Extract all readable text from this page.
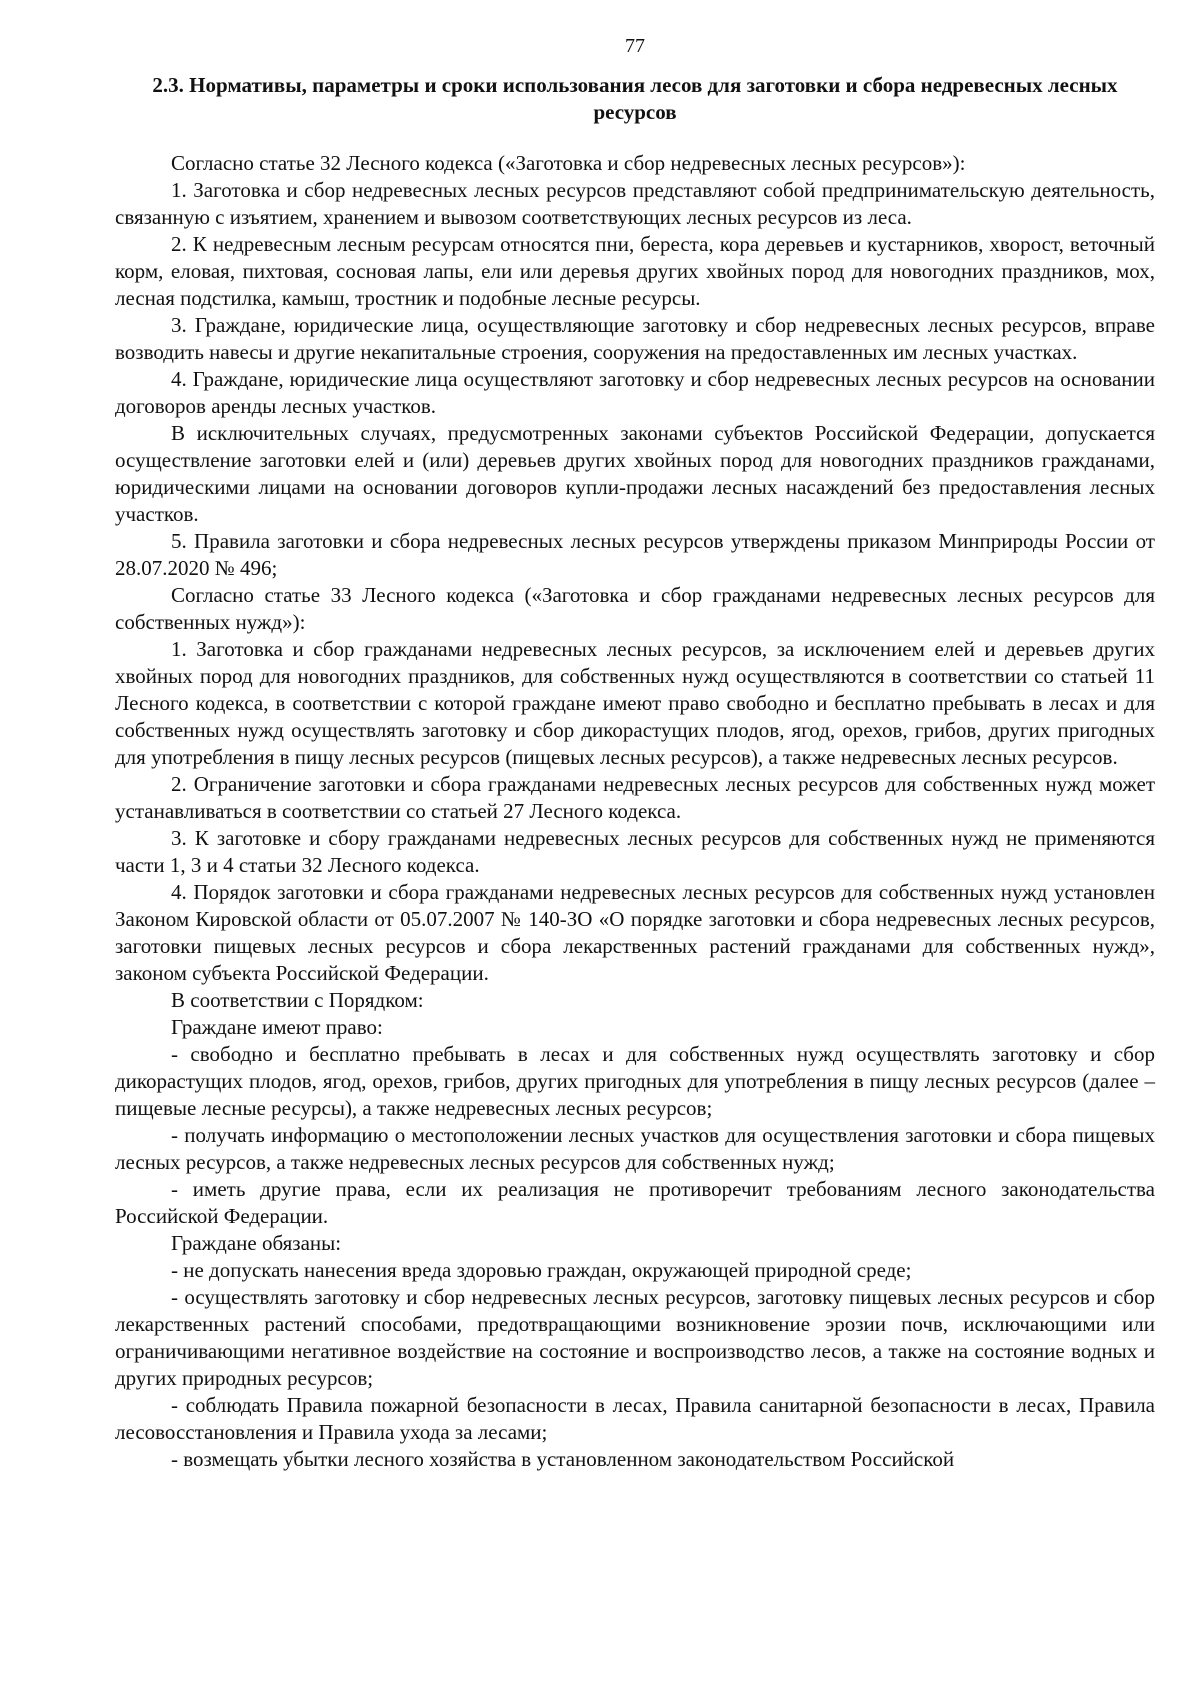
77
2.3. Нормативы, параметры и сроки использования лесов для заготовки и сбора недревесных лесных ресурсов

Согласно статье 32 Лесного кодекса («Заготовка и сбор недревесных лесных ресурсов»):

1. Заготовка и сбор недревесных лесных ресурсов представляют собой предпринимательскую деятельность, связанную с изъятием, хранением и вывозом соответствующих лесных ресурсов из леса.

2. К недревесным лесным ресурсам относятся пни, береста, кора деревьев и кустарников, хворост, веточный корм, еловая, пихтовая, сосновая лапы, ели или деревья других хвойных пород для новогодних праздников, мох, лесная подстилка, камыш, тростник и подобные лесные ресурсы.

3. Граждане, юридические лица, осуществляющие заготовку и сбор недревесных лесных ресурсов, вправе возводить навесы и другие некапитальные строения, сооружения на предоставленных им лесных участках.

4. Граждане, юридические лица осуществляют заготовку и сбор недревесных лесных ресурсов на основании договоров аренды лесных участков.

В исключительных случаях, предусмотренных законами субъектов Российской Федерации, допускается осуществление заготовки елей и (или) деревьев других хвойных пород для новогодних праздников гражданами, юридическими лицами на основании договоров купли-продажи лесных насаждений без предоставления лесных участков.

5. Правила заготовки и сбора недревесных лесных ресурсов утверждены приказом Минприроды России от 28.07.2020 № 496;

Согласно статье 33 Лесного кодекса («Заготовка и сбор гражданами недревесных лесных ресурсов для собственных нужд»):

1. Заготовка и сбор гражданами недревесных лесных ресурсов, за исключением елей и деревьев других хвойных пород для новогодних праздников, для собственных нужд осуществляются в соответствии со статьей 11 Лесного кодекса, в соответствии с которой граждане имеют право свободно и бесплатно пребывать в лесах и для собственных нужд осуществлять заготовку и сбор дикорастущих плодов, ягод, орехов, грибов, других пригодных для употребления в пищу лесных ресурсов (пищевых лесных ресурсов), а также недревесных лесных ресурсов.

2. Ограничение заготовки и сбора гражданами недревесных лесных ресурсов для собственных нужд может устанавливаться в соответствии со статьей 27 Лесного кодекса.

3. К заготовке и сбору гражданами недревесных лесных ресурсов для собственных нужд не применяются части 1, 3 и 4 статьи 32 Лесного кодекса.

4. Порядок заготовки и сбора гражданами недревесных лесных ресурсов для собственных нужд установлен Законом Кировской области от 05.07.2007 № 140-ЗО «О порядке заготовки и сбора недревесных лесных ресурсов, заготовки пищевых лесных ресурсов и сбора лекарственных растений гражданами для собственных нужд», законом субъекта Российской Федерации.

В соответствии с Порядком:

Граждане имеют право:

- свободно и бесплатно пребывать в лесах и для собственных нужд осуществлять заготовку и сбор дикорастущих плодов, ягод, орехов, грибов, других пригодных для употребления в пищу лесных ресурсов (далее – пищевые лесные ресурсы), а также недревесных лесных ресурсов;

- получать информацию о местоположении лесных участков для осуществления заготовки и сбора пищевых лесных ресурсов, а также недревесных лесных ресурсов для собственных нужд;

- иметь другие права, если их реализация не противоречит требованиям лесного законодательства Российской Федерации.

Граждане обязаны:

- не допускать нанесения вреда здоровью граждан, окружающей природной среде;

- осуществлять заготовку и сбор недревесных лесных ресурсов, заготовку пищевых лесных ресурсов и сбор лекарственных растений способами, предотвращающими возникновение эрозии почв, исключающими или ограничивающими негативное воздействие на состояние и воспроизводство лесов, а также на состояние водных и других природных ресурсов;

- соблюдать Правила пожарной безопасности в лесах, Правила санитарной безопасности в лесах, Правила лесовосстановления и Правила ухода за лесами;

- возмещать убытки лесного хозяйства в установленном законодательством Российской
